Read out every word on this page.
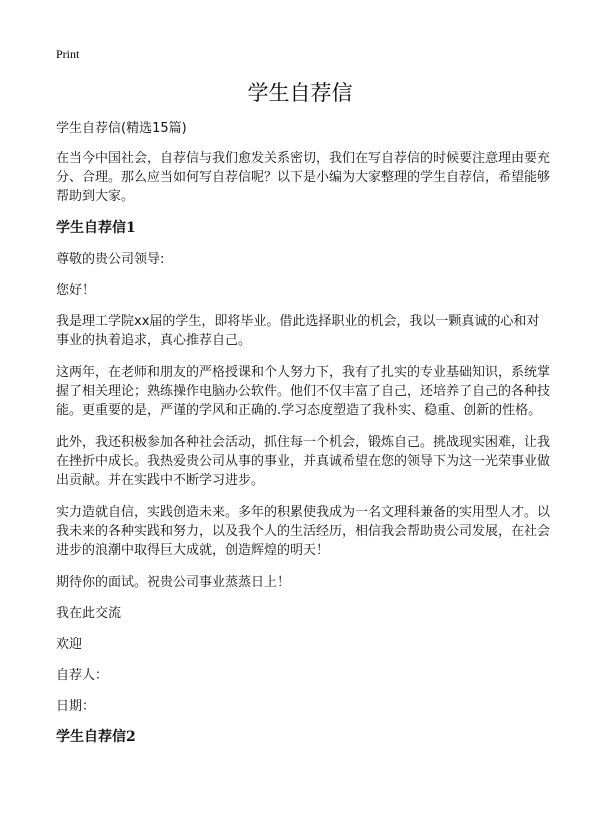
Print
学生自荐信

学生自荐信(精选15篇)

在当今中国社会，自荐信与我们愈发关系密切，我们在写自荐信的时候要注意理由要充分、合理。那么应当如何写自荐信呢？以下是小编为大家整理的学生自荐信，希望能够帮助到大家。

学生自荐信1

尊敬的贵公司领导:

您好！

我是理工学院xx届的学生，即将毕业。借此选择职业的机会，我以一颗真诚的心和对事业的执着追求，真心推荐自己。

这两年，在老师和朋友的严格授课和个人努力下，我有了扎实的专业基础知识，系统掌握了相关理论；熟练操作电脑办公软件。他们不仅丰富了自己，还培养了自己的各种技能。更重要的是，严谨的学风和正确的.学习态度塑造了我朴实、稳重、创新的性格。

此外，我还积极参加各种社会活动，抓住每一个机会，锻炼自己。挑战现实困难，让我在挫折中成长。我热爱贵公司从事的事业，并真诚希望在您的领导下为这一光荣事业做出贡献。并在实践中不断学习进步。

实力造就自信，实践创造未来。多年的积累使我成为一名文理科兼备的实用型人才。以我未来的各种实践和努力，以及我个人的生活经历，相信我会帮助贵公司发展，在社会进步的浪潮中取得巨大成就，创造辉煌的明天！

期待你的面试。祝贵公司事业蒸蒸日上！

我在此交流

欢迎

自荐人：

日期：

学生自荐信2
